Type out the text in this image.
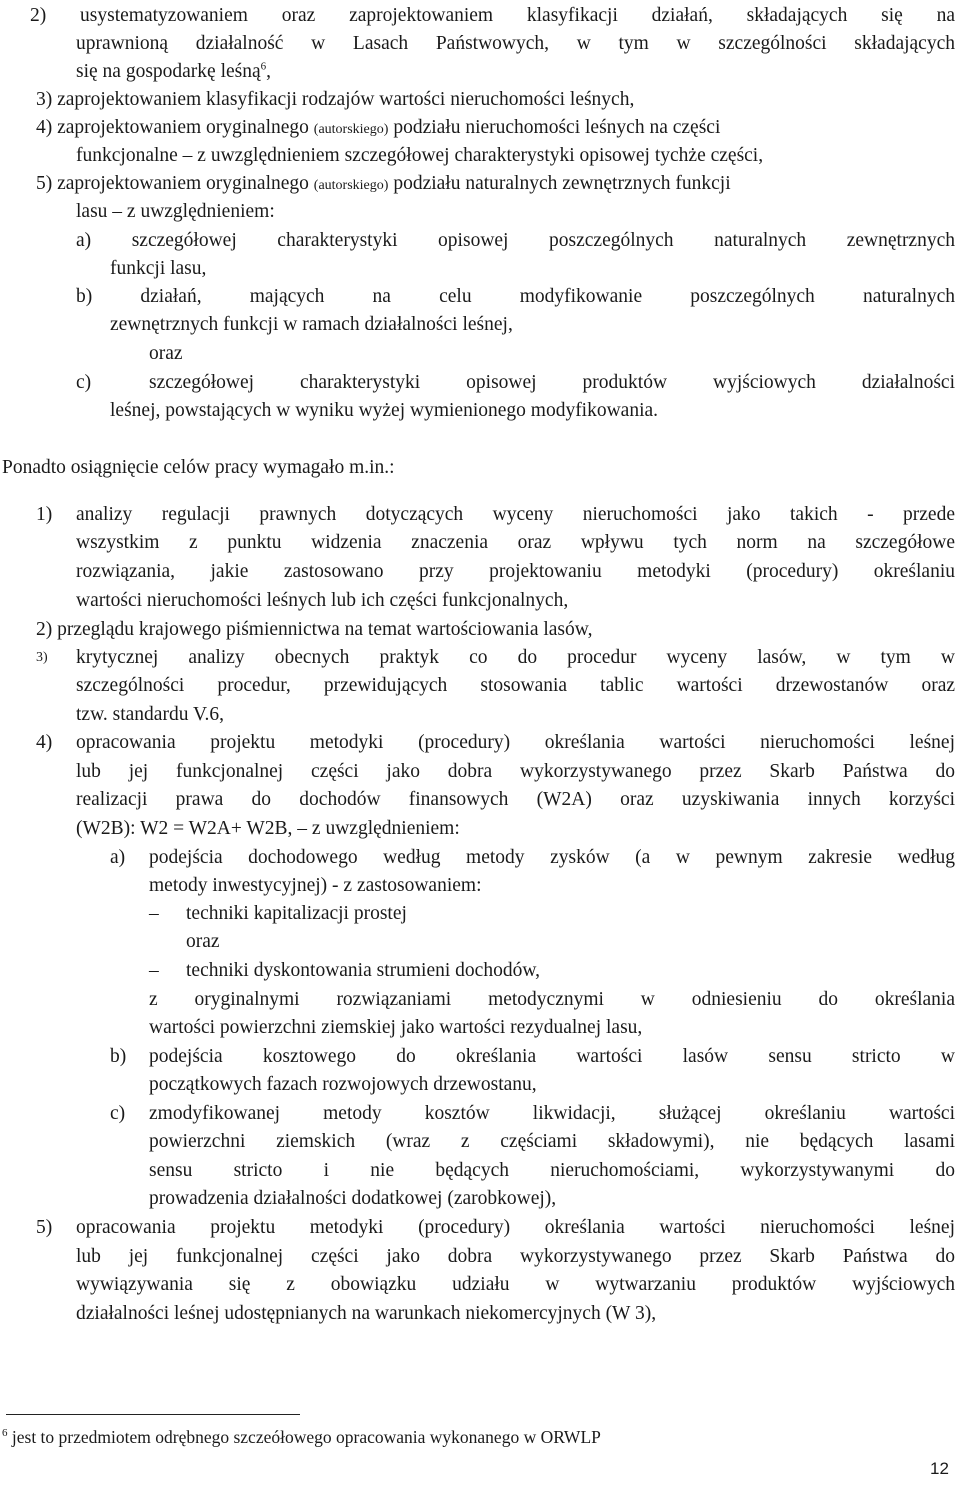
2) usystematyzowaniem oraz zaprojektowaniem klasyfikacji działań, składających się na
uprawnioną działalność w Lasach Państwowych, w tym w szczególności składających
się na gospodarkę leśną$^6$,
3) zaprojektowaniem klasyfikacji rodzajów wartości nieruchomości leśnych,
4) zaprojektowaniem oryginalnego (autorskiego) podziału nieruchomości leśnych na części
funkcjonalne – z uwzględnieniem szczegółowej charakterystyki opisowej tychże części,
5) zaprojektowaniem oryginalnego (autorskiego) podziału naturalnych zewnętrznych funkcji
lasu – z uwzględnieniem:
a) szczegółowej charakterystyki opisowej poszczególnych naturalnych zewnętrznych
funkcji lasu,
b) działań, mających na celu modyfikowanie poszczególnych naturalnych
zewnętrznych funkcji w ramach działalności leśnej,
oraz
c)	szczegółowej charakterystyki opisowej produktów wyjściowych działalności
leśnej, powstających w wyniku wyżej wymienionego modyfikowania.
Ponadto osiągnięcie celów pracy wymagało m.in.:
1) analizy regulacji prawnych dotyczących wyceny nieruchomości jako takich - przede
wszystkim z punktu widzenia znaczenia oraz wpływu tych norm na szczegółowe
rozwiązania, jakie zastosowano przy projektowaniu metodyki (procedury) określaniu
wartości nieruchomości leśnych lub ich części funkcjonalnych,
2) przeglądu krajowego piśmiennictwa na temat wartościowania lasów,
3) krytycznej analizy obecnych praktyk co do procedur wyceny lasów, w tym w
szczególności procedur, przewidujących stosowania tablic wartości drzewostanów oraz
tzw. standardu V.6,
4) opracowania projektu metodyki (procedury) określania wartości nieruchomości leśnej
lub jej funkcjonalnej części jako dobra wykorzystywanego przez Skarb Państwa do
realizacji prawa do dochodów finansowych (W2A) oraz uzyskiwania innych korzyści
(W2B): W2 = W2A+ W2B, – z uwzględnieniem:
a) podejścia dochodowego według metody zysków (a w pewnym zakresie według
metody inwestycyjnej) - z zastosowaniem:
– techniki kapitalizacji prostej
oraz
– techniki dyskontowania strumieni dochodów,
z oryginalnymi rozwiązaniami metodycznymi w odniesieniu do określania
wartości powierzchni ziemskiej jako wartości rezydualnej lasu,
b) podejścia kosztowego do określania wartości lasów sensu stricto w
początkowych fazach rozwojowych drzewostanu,
c) zmodyfikowanej metody kosztów likwidacji, służącej określaniu wartości
powierzchni ziemskich (wraz z częściami składowymi), nie będących lasami
sensu stricto i nie będących nieruchomościami, wykorzystywanymi do
prowadzenia działalności dodatkowej (zarobkowej),
5) opracowania projektu metodyki (procedury) określania wartości nieruchomości leśnej
lub jej funkcjonalnej części jako dobra wykorzystywanego przez Skarb Państwa do
wywiązywania się z obowiązku udziału w wytwarzaniu produktów wyjściowych
działalności leśnej udostępnianych na warunkach niekomercyjnych (W 3),
$^6$ jest to przedmiotem odrębnego szczeółowego opracowania wykonanego w ORWLP
12
